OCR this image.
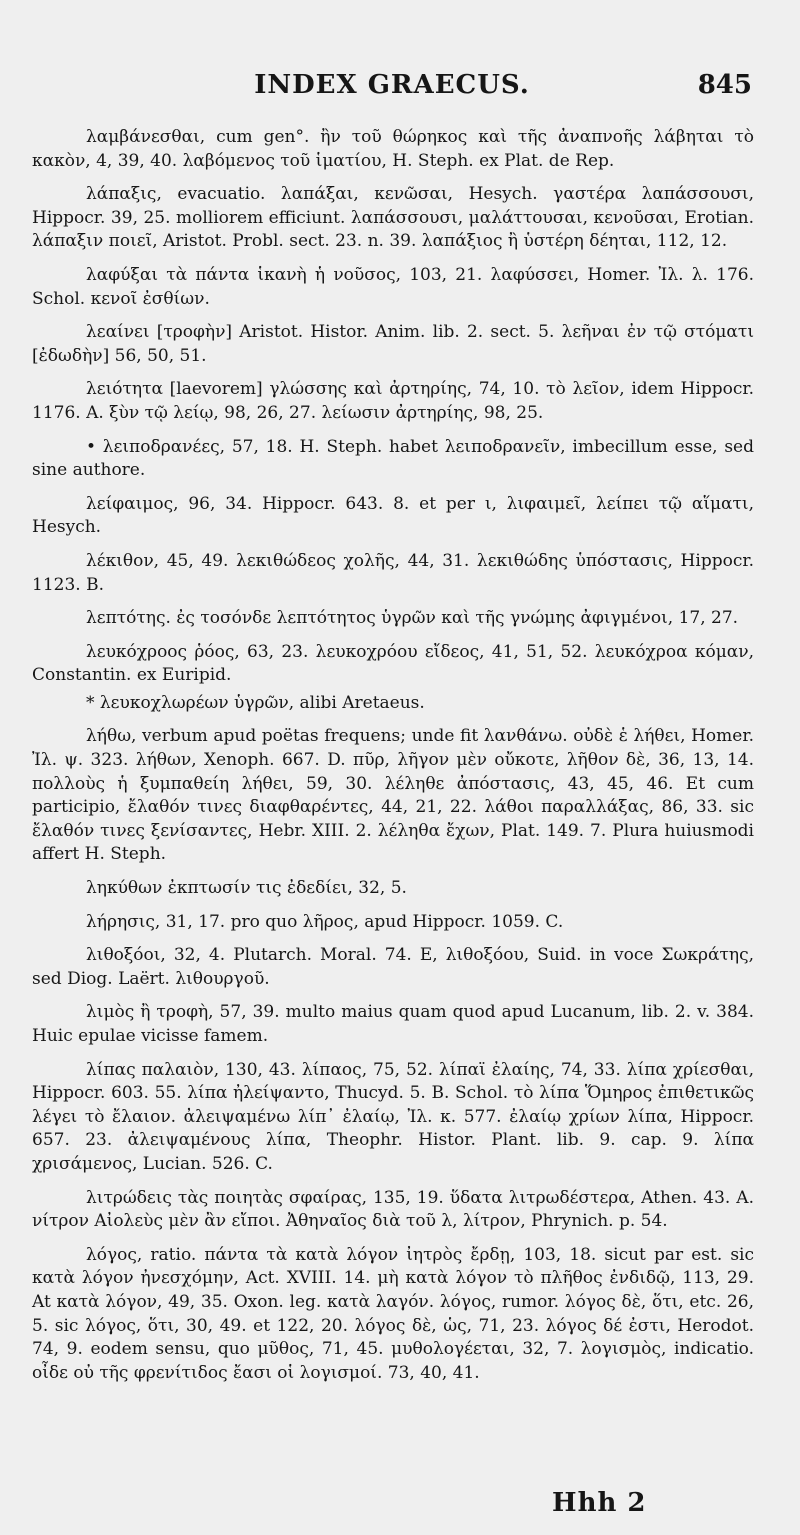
INDEX GRAECUS.	845

λαμβάνεσθαι, cum gen°. ἢν τοῦ θώρηκος καὶ τῆς ἀναπνοῆς λάβηται τὸ κακὸν, 4, 39, 40. λαβόμενος τοῦ ἱματίου, H. Steph. ex Plat. de Rep.

λάπαξις, evacuatio. λαπάξαι, κενῶσαι, Hesych. γαστέρα λαπάσσουσι, Hippocr. 39, 25. molliorem efficiunt. λαπάσσουσι, μαλάττουσαι, κενοῦσαι, Erotian. λάπαξιν ποιεῖ, Aristot. Probl. sect. 23. n. 39. λαπάξιος ἢ ὑστέρη δέηται, 112, 12.

λαφύξαι τὰ πάντα ἱκανὴ ἡ νοῦσος, 103, 21. λαφύσσει, Homer. Ἰλ. λ. 176. Schol. κενοῖ ἐσθίων.

λεαίνει [τροφὴν] Aristot. Histor. Anim. lib. 2. sect. 5. λεῆναι ἐν τῷ στόματι [ἐδωδὴν] 56, 50, 51.

λειότητα [laevorem] γλώσσης καὶ ἀρτηρίης, 74, 10. τὸ λεῖον, idem Hippocr. 1176. A. ξὺν τῷ λείῳ, 98, 26, 27. λείωσιν ἀρτηρίης, 98, 25.

• λειποδρανέες, 57, 18. H. Steph. habet λειποδρανεῖν, imbecillum esse, sed sine authore.

λείφαιμος, 96, 34. Hippocr. 643. 8. et per ι, λιφαιμεῖ, λείπει τῷ αἵματι, Hesych.

λέκιθον, 45, 49. λεκιθώδεος χολῆς, 44, 31. λεκιθώδης ὑπόστασις, Hippocr. 1123. B.

λεπτότης. ἐς τοσόνδε λεπτότητος ὑγρῶν καὶ τῆς γνώμης ἀφιγμένοι, 17, 27.

λευκόχροος ῥόος, 63, 23. λευκοχρόου εἴδεος, 41, 51, 52. λευκόχροα κόμαν, Constantin. ex Euripid.

* λευκοχλωρέων ὑγρῶν, alibi Aretaeus.

λήθω, verbum apud poëtas frequens; unde fit λανθάνω. οὐδὲ ἑ λήθει, Homer. Ἰλ. ψ. 323. λήθων, Xenoph. 667. D. πῦρ, λῆγον μὲν οὔκοτε, λῆθον δὲ, 36, 13, 14. πολλοὺς ἡ ξυμπαθείη λήθει, 59, 30. λέληθε ἀπόστασις, 43, 45, 46. Et cum participio, ἔλαθόν τινες διαφθαρέντες, 44, 21, 22. λάθοι παραλλάξας, 86, 33. sic ἔλαθόν τινες ξενίσαντες, Hebr. XIII. 2. λέληθα ἔχων, Plat. 149. 7. Plura huiusmodi affert H. Steph.

ληκύθων ἐκπτωσίν τις ἐδεδίει, 32, 5.

λήρησις, 31, 17. pro quo λῆρος, apud Hippocr. 1059. C.

λιθοξόοι, 32, 4. Plutarch. Moral. 74. E, λιθοξόου, Suid. in voce Σωκράτης, sed Diog. Laërt. λιθουργοῦ.

λιμὸς ἢ τροφὴ, 57, 39. multo maius quam quod apud Lucanum, lib. 2. v. 384. Huic epulae vicisse famem.

λίπας παλαιὸν, 130, 43. λίπαος, 75, 52. λίπαϊ ἐλαίης, 74, 33. λίπα χρίεσθαι, Hippocr. 603. 55. λίπα ἠλείψαντο, Thucyd. 5. B. Schol. τὸ λίπα Ὅμηρος ἐπιθετικῶς λέγει τὸ ἔλαιον. ἀλειψαμένω λίπ᾽ ἐλαίῳ, Ἰλ. κ. 577. ἐλαίῳ χρίων λίπα, Hippocr. 657. 23. ἀλειψαμένους λίπα, Theophr. Histor. Plant. lib. 9. cap. 9. λίπα χρισάμενος, Lucian. 526. C.

λιτρώδεις τὰς ποιητὰς σφαίρας, 135, 19. ὕδατα λιτρωδέστερα, Athen. 43. A. νίτρον Αἰολεὺς μὲν ἂν εἴποι. Ἀθηναῖος διὰ τοῦ λ, λίτρον, Phrynich. p. 54.

λόγος, ratio. πάντα τὰ κατὰ λόγον ἰητρὸς ἔρδῃ, 103, 18. sicut par est. sic κατὰ λόγον ἠνεσχόμην, Act. XVIII. 14. μὴ κατὰ λόγον τὸ πλῆθος ἐνδιδῷ, 113, 29. At κατὰ λόγον, 49, 35. Oxon. leg. κατὰ λαγόν. λόγος, rumor. λόγος δὲ, ὅτι, etc. 26, 5. sic λόγος, ὅτι, 30, 49. et 122, 20. λόγος δὲ, ὡς, 71, 23. λόγος δέ ἐστι, Herodot. 74, 9. eodem sensu, quo μῦθος, 71, 45. μυθολογέεται, 32, 7. λογισμὸς, indicatio. οἶδε οὐ τῆς φρενίτιδος ἔασι οἱ λογισμοί. 73, 40, 41.

Hhh 2
